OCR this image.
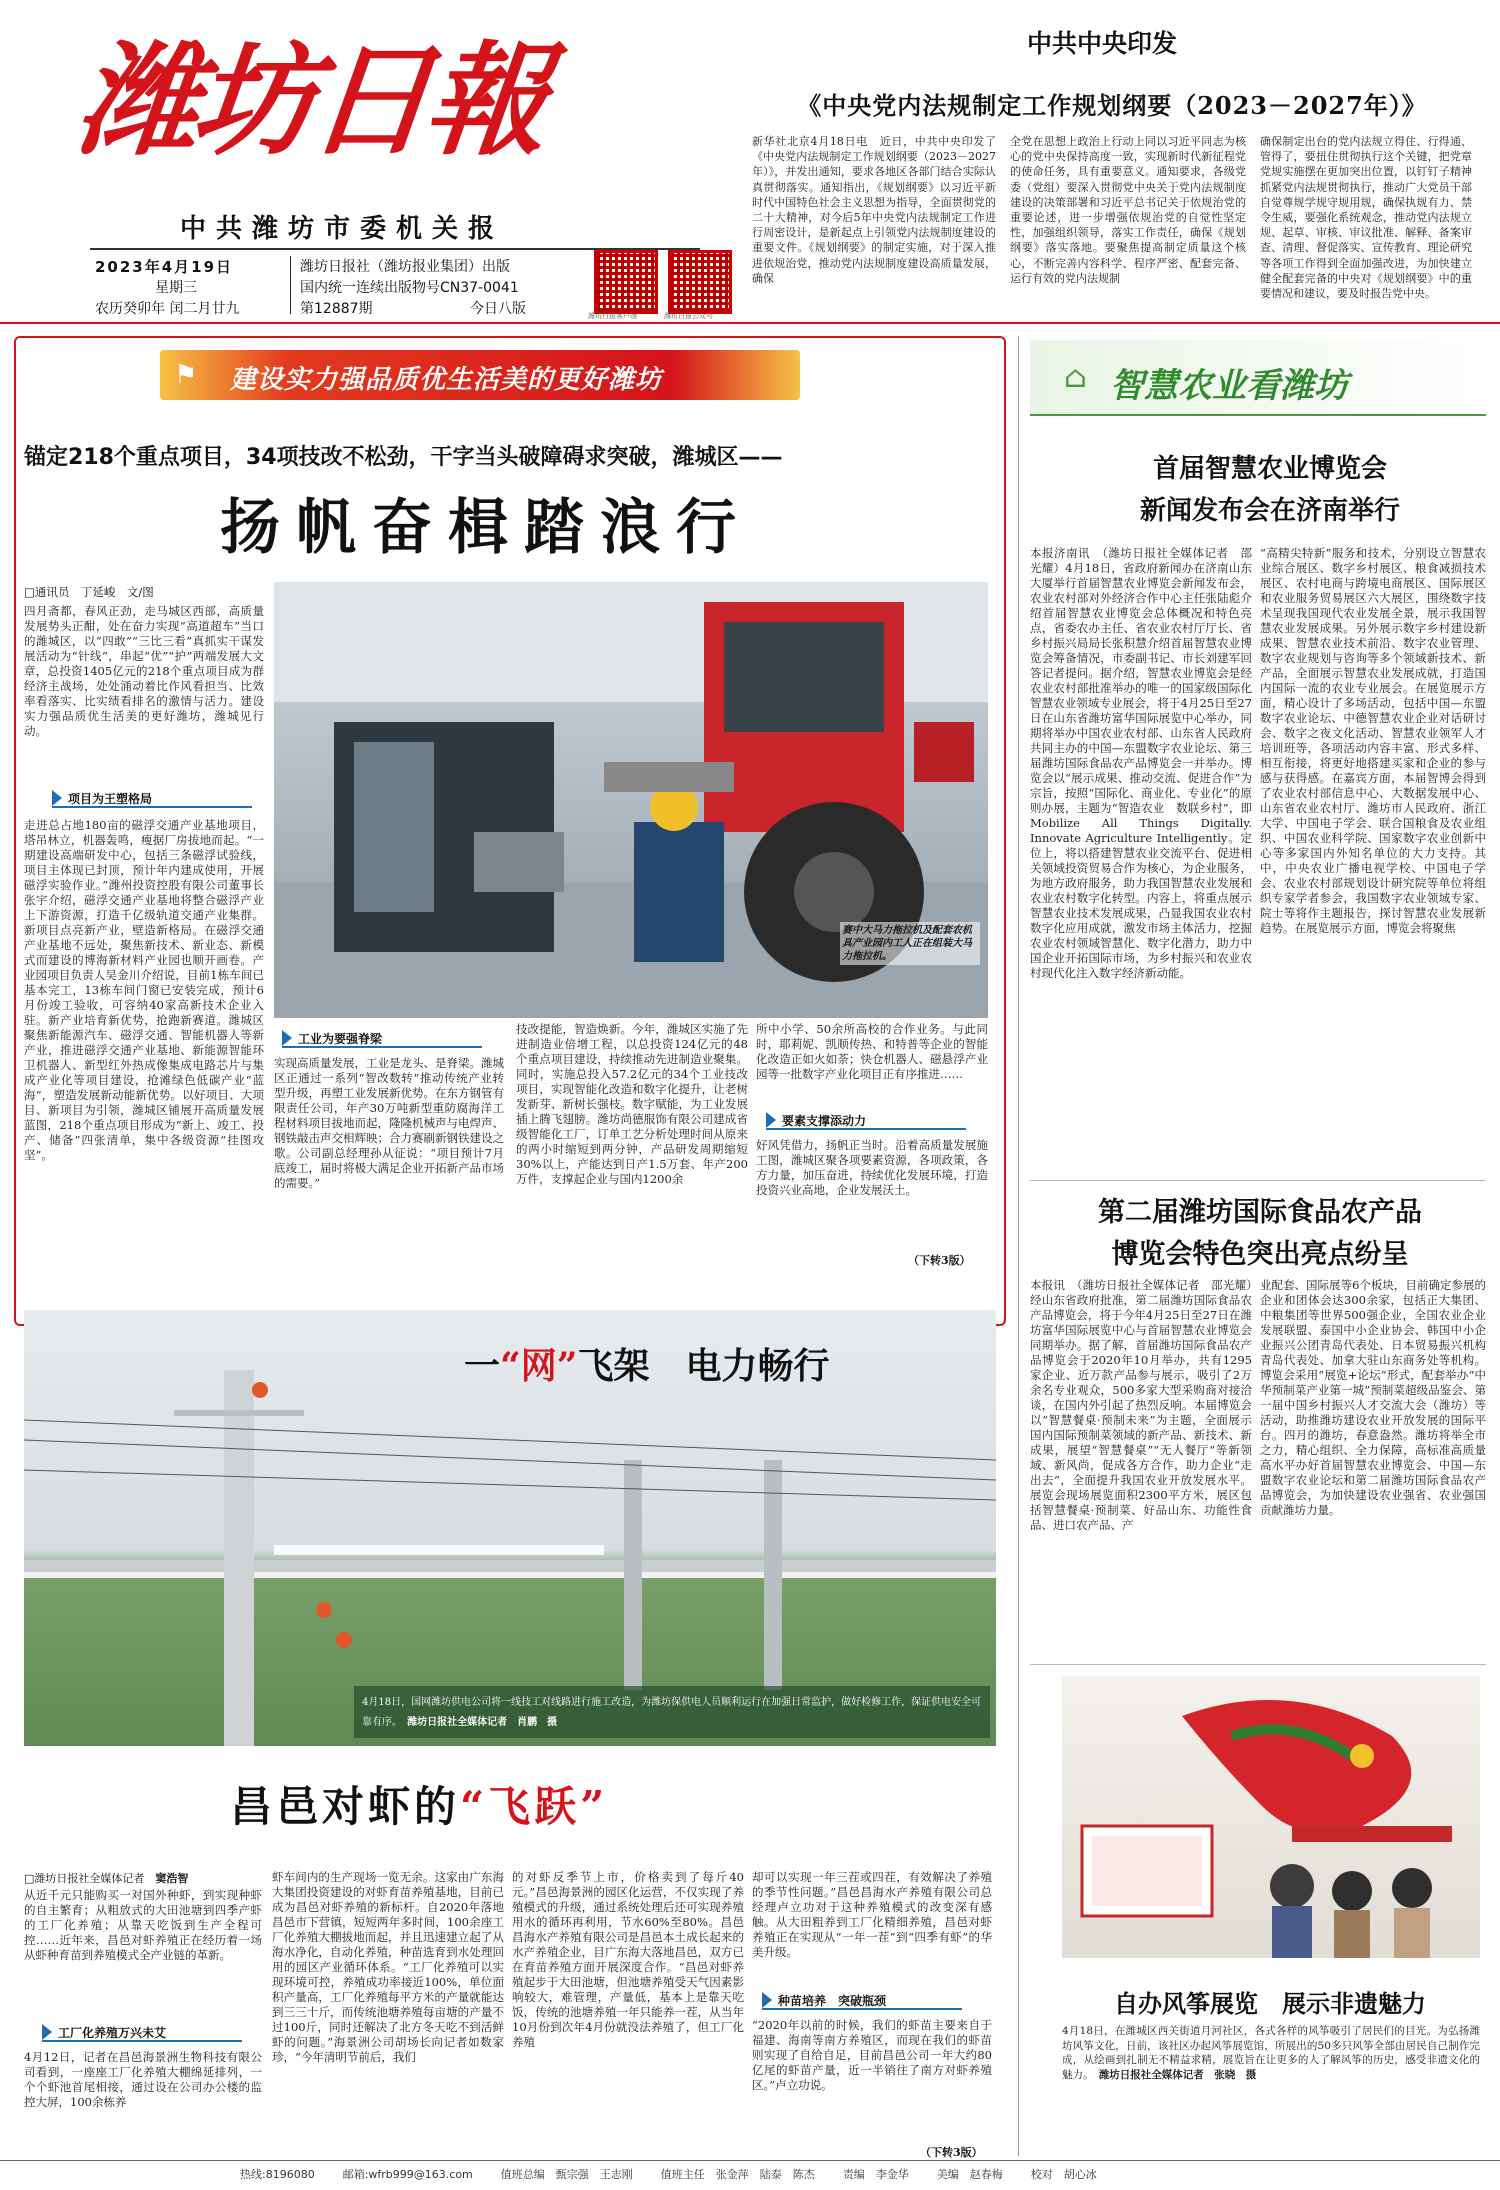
潍坊日報
中共潍坊市委机关报
2023年4月19日
星期三
农历癸卯年 闰二月廿九
潍坊日报社（潍坊报业集团）出版
国内统一连续出版物号CN37-0041
第12887期	今日八版	潍坊日报客户端	潍坊日报公众号
中共中央印发
《中央党内法规制定工作规划纲要（2023－2027年）》
新华社北京4月18日电　近日，中共中央印发了《中央党内法规制定工作规划纲要（2023－2027年）》，并发出通知，要求各地区各部门结合实际认真贯彻落实。通知指出，《规划纲要》以习近平新时代中国特色社会主义思想为指导，全面贯彻党的二十大精神，对今后5年中央党内法规制定工作进行周密设计，是新起点上引领党内法规制度建设的重要文件。《规划纲要》的制定实施，对于深入推进依规治党，推动党内法规制度建设高质量发展，确保
全党在思想上政治上行动上同以习近平同志为核心的党中央保持高度一致，实现新时代新征程党的使命任务，具有重要意义。通知要求，各级党委（党组）要深入贯彻党中央关于党内法规制度建设的决策部署和习近平总书记关于依规治党的重要论述，进一步增强依规治党的自觉性坚定性，加强组织领导，落实工作责任，确保《规划纲要》落实落地。要聚焦提高制定质量这个核心，不断完善内容科学、程序严密、配套完备、运行有效的党内法规制
确保制定出台的党内法规立得住、行得通、管得了，要扭住贯彻执行这个关键，把党章党规实施摆在更加突出位置，以钉钉子精神抓紧党内法规贯彻执行，推动广大党员干部自觉尊规学规守规用规，确保执规有力、禁令生威，要强化系统观念，推动党内法规立规、起草、审核、审议批准、解释、备案审查、清理、督促落实、宣传教育、理论研究等各项工作得到全面加强改进，为加快建立健全配套完备的中央对《规划纲要》中的重要情况和建议，要及时报告党中央。
⚑ 建设实力强品质优生活美的更好潍坊
锚定218个重点项目，34项技改不松劲，干字当头破障碍求突破，潍城区——
扬帆奋楫踏浪行
□通讯员　 丁延峻　文/图
四月斋都，春风正劲，走马城区西部，高质量发展势头正酣，处在奋力实现“高道超车”当口的潍城区，以“四敢”“三比三看”真抓实干谋发展活动为“针线”，串起“优”“护”两端发展大文章，总投资1405亿元的218个重点项目成为群经济主战场，处处涌动着比作风看担当、比效率看落实、比实绩看排名的激情与活力。建设实力强品质优生活美的更好潍坊，潍城见行动。
项目为王塑格局
走进总占地180亩的磁浮交通产业基地项目，塔吊林立，机器轰鸣，瘦据厂房拔地而起。“一期建设高端研发中心，包括三条磁浮试验线，项目主体现已封顶，预计年内建成使用，开展磁浮实验作业。”潍州投资控股有限公司董事长张宇介绍，磁浮交通产业基地将整合磁浮产业上下游资源，打造千亿级轨道交通产业集群。新项目点亮新产业，壁造新格局。在磁浮交通产业基地不远处，聚焦新技术、新业态、新模式而建设的博海新材料产业园也顺开画卷。产业园项目负责人吴金川介绍说，目前1栋车间已基本完工，13栋车间门窗已安装完成，预计6月份竣工验收，可容纳40家高新技术企业入驻。新产业培育新优势，抢跑新赛道。潍城区聚焦新能源汽车、磁浮交通、智能机器人等新产业，推进磁浮交通产业基地、新能源智能环卫机器人、新型红外热成像集成电路芯片与集成产业化等项目建设，抢滩绿色低碳产业“蓝海”，塑造发展新动能新优势。以好项目、大项目、新项目为引领，潍城区铺展开高质量发展蓝图，218个重点项目形成为“新上、竣工、投产、储备”四张清单，集中各级资源“挂图攻坚”。
赛中大马力拖拉机及配套农机具产业园内工人正在组装大马力拖拉机。
工业为要强脊梁
实现高质量发展，工业是龙头、是脊梁。潍城区正通过一系列“智改数转”推动传统产业转型升级，再塑工业发展新优势。在东方钢管有限责任公司，年产30万吨新型重防腐海洋工程材料项目拔地而起，隆隆机械声与电焊声、钢铁敲击声交相辉映；合力赛刷新钢铁建设之歌。公司副总经理孙从征说：“项目预计7月底竣工，届时将极大满足企业开拓新产品市场的需要。”
技改提能，智造焕新。今年，潍城区实施了先进制造业倍增工程，以总投资124亿元的48个重点项目建设，持续推动先进制造业聚集。同时，实施总投入57.2亿元的34个工业技改项目，实现智能化改造和数字化提升，让老树发新芽、新树长强枝。数字赋能，为工业发展插上腾飞翅膀。潍坊尚德服饰有限公司建成省级智能化工厂，订单工艺分析处理时间从原来的两小时缩短到两分钟，产品研发周期缩短30%以上，产能达到日产1.5万套、年产200万件，支撑起企业与国内1200余
所中小学、50余所高校的合作业务。与此同时，耶莉妮、凯顺传热、和特普等企业的智能化改造正如火如荼；快仓机器人、磁悬浮产业园等一批数字产业化项目正有序推进……
要素支撑添动力
好风凭借力，扬帆正当时。沿着高质量发展施工图，潍城区聚各项要素资源，各项政策，各方力量，加压奋进，持续优化发展环境，打造投资兴业高地，企业发展沃土。
（下转3版）
一“网”飞架　电力畅行
4月18日，国网潍坊供电公司将一线技工对线路进行施工改造，为潍坊保供电人员顺利运行在加强日常监护，做好检修工作，保证供电安全可靠有序。 潍坊日报社全媒体记者　肖鹏　摄
昌邑对虾的“飞跃”
□潍坊日报社全媒体记者　 窦浩智
从近千元只能购买一对国外种虾，到实现种虾的自主繁育；从粗放式的大田池塘到四季产虾的工厂化养殖；从靠天吃饭到生产全程可控……近年来，昌邑对虾养殖正在经历着一场从虾种育苗到养殖模式全产业链的革新。
工厂化养殖万兴未艾
4月12日，记者在昌邑海景洲生物科技有限公司看到，一座座工厂化养殖大棚绵延排列，一个个虾池首尾相接，通过设在公司办公楼的监控大屏，100余栋养
虾车间内的生产现场一览无余。这家由广东海大集团投资建设的对虾育苗养殖基地，目前已成为昌邑对虾养殖的新标杆。自2020年落地昌邑市下营镇，短短两年多时间，100余座工厂化养殖大棚拔地而起，并且迅速建立起了从海水净化，自动化养殖，种苗选育到水处理回用的园区产业循环体系。“工厂化养殖可以实现环境可控，养殖成功率接近100%，单位面积产量高，工厂化养殖每平方米的产量就能达到三三十斤，而传统池塘养殖每亩塘的产量不过100斤，同时还解决了北方冬天吃不到活鲜虾的问题。”海景洲公司胡场长向记者如数家珍，“今年清明节前后，我们
的对虾反季节上市，价格卖到了每斤40元。”昌邑海景洲的园区化运营，不仅实现了养殖模式的升级，通过系统处理后还可实现养殖用水的循环再利用，节水60%至80%。昌邑昌海水产养殖有限公司是昌邑本土成长起来的水产养殖企业，目广东海大落地昌邑，双方已在育苗养殖方面开展深度合作。“昌邑对虾养殖起步于大田池塘，但池塘养殖受天气因素影响较大，难管理，产量低，基本上是靠天吃饭，传统的池塘养殖一年只能养一茬，从当年10月份到次年4月份就没法养殖了，但工厂化养殖
却可以实现一年三茬或四茬，有效解决了养殖的季节性问题。”昌邑昌海水产养殖有限公司总经理卢立功对于这种养殖模式的改变深有感触。从大田粗养到工厂化精细养殖，昌邑对虾养殖正在实现从“一年一茬”到“四季有虾”的华美升级。
种苗培养　突破瓶颈
“2020年以前的时候，我们的虾苗主要来自于福建、海南等南方养殖区，而现在我们的虾苗则实现了自给自足，目前昌邑公司一年大约80亿尾的虾苗产量，近一半销往了南方对虾养殖区。”卢立功说。
（下转3版）
⌂ 智慧农业看潍坊
首届智慧农业博览会
新闻发布会在济南举行
本报济南讯　（潍坊日报社全媒体记者　邵光耀）4月18日，省政府新闻办在济南山东大厦举行首届智慧农业博览会新闻发布会，农业农村部对外经济合作中心主任张陆彪介绍首届智慧农业博览会总体概况和特色亮点，省委农办主任、省农业农村厅厅长、省乡村振兴局局长张积慧介绍首届智慧农业博览会筹备情况，市委副书记、市长刘建军回答记者提问。据介绍，智慧农业博览会是经农业农村部批准举办的唯一的国家级国际化智慧农业领域专业展会，将于4月25日至27日在山东省潍坊富华国际展览中心举办，同期将举办中国农业农村部、山东省人民政府共同主办的中国—东盟数字农业论坛、第三届潍坊国际食品农产品博览会一并举办。博览会以“展示成果、推动交流、促进合作”为宗旨，按照“国际化、商业化、专业化”的原则办展，主题为“智造农业　数联乡村”，即Mobilize All Things Digitally. Innovate Agriculture Intelligently。定位上，将以搭建智慧农业交流平台、促进相关领域投资贸易合作为核心，为企业服务，为地方政府服务，助力我国智慧农业发展和农业农村数字化转型。内容上，将重点展示智慧农业技术发展成果，凸显我国农业农村数字化应用成就，激发市场主体活力，挖掘农业农村领域智慧化、数字化潜力，助力中国企业开拓国际市场，为乡村振兴和农业农村现代化注入数字经济新动能。
“高精尖特新”服务和技术，分别设立智慧农业综合展区、数字乡村展区、粮食减损技术展区、农村电商与跨境电商展区、国际展区和农业服务贸易展区六大展区，围绕数字技术呈现我国现代农业发展全景，展示我国智慧农业发展成果。另外展示数字乡村建设新成果、智慧农业技术前沿、数字农业管理、数字农业规划与咨询等多个领域新技术、新产品，全面展示智慧农业发展成就，打造国内国际一流的农业专业展会。在展览展示方面，精心设计了多场活动，包括中国—东盟数字农业论坛、中德智慧农业企业对话研讨会、数字之夜文化活动、智慧农业领军人才培训班等，各项活动内容丰富、形式多样、相互衔接，将更好地搭建买家和企业的参与感与获得感。在嘉宾方面，本届智博会得到了农业农村部信息中心、大数据发展中心、山东省农业农村厅、潍坊市人民政府、浙江大学、中国电子学会、联合国粮食及农业组织、中国农业科学院、国家数字农业创新中心等多家国内外知名单位的大力支持。其中，中央农业广播电视学校、中国电子学会、农业农村部规划设计研究院等单位将组织专家学者参会，我国数字农业领域专家、院士等将作主题报告，探讨智慧农业发展新趋势。在展览展示方面，博览会将聚焦
第二届潍坊国际食品农产品
博览会特色突出亮点纷呈
本报讯　（潍坊日报社全媒体记者　邵光耀）经山东省政府批准，第二届潍坊国际食品农产品博览会，将于今年4月25日至27日在潍坊富华国际展览中心与首届智慧农业博览会同期举办。据了解，首届潍坊国际食品农产品博览会于2020年10月举办，共有1295家企业、近万款产品参与展示，吸引了2万余名专业观众，500多家大型采购商对接洽谈，在国内外引起了热烈反响。本届博览会以“智慧餐桌·预制未来”为主题，全面展示国内国际预制菜领域的新产品、新技术、新成果，展望“智慧餐桌”“无人餐厅”等新领域、新风尚，促成各方合作，助力企业“走出去”，全面提升我国农业开放发展水平。展览会现场展览面积2300平方米，展区包括智慧餐桌·预制菜、好品山东、功能性食品、进口农产品、产
业配套、国际展等6个板块，目前确定参展的企业和团体会达300余家，包括正大集团、中粮集团等世界500强企业，全国农业企业发展联盟、泰国中小企业协会、韩国中小企业振兴公团青岛代表处、日本贸易振兴机构青岛代表处、加拿大驻山东商务处等机构。博览会采用“展览+论坛”形式，配套举办“中华预制菜产业第一城”预制菜超级品鉴会、第一届中国乡村振兴人才交流大会（潍坊）等活动，助推潍坊建设农业开放发展的国际平台。四月的潍坊，春意盎然。潍坊将举全市之力，精心组织、全力保障，高标准高质量高水平办好首届智慧农业博览会、中国—东盟数字农业论坛和第二届潍坊国际食品农产品博览会，为加快建设农业强省、农业强国贡献潍坊力量。
自办风筝展览　展示非遗魅力
4月18日，在潍城区西关街道月河社区，各式各样的风筝吸引了居民们的目光。为弘扬潍坊风筝文化，日前，该社区办起风筝展览馆，所展出的50多只风筝全部由居民自己制作完成，从绘画到扎制无不精益求精，展览旨在让更多的人了解风筝的历史，感受非遗文化的魅力。　 潍坊日报社全媒体记者　张晓　摄
热线:8196080	邮箱:wfrb999@163.com	值班总编　甄宗强　王志刚	值班主任　张金萍　陆泰　陈杰	责编　李金华	美编　赵春梅	校对　胡心冰
